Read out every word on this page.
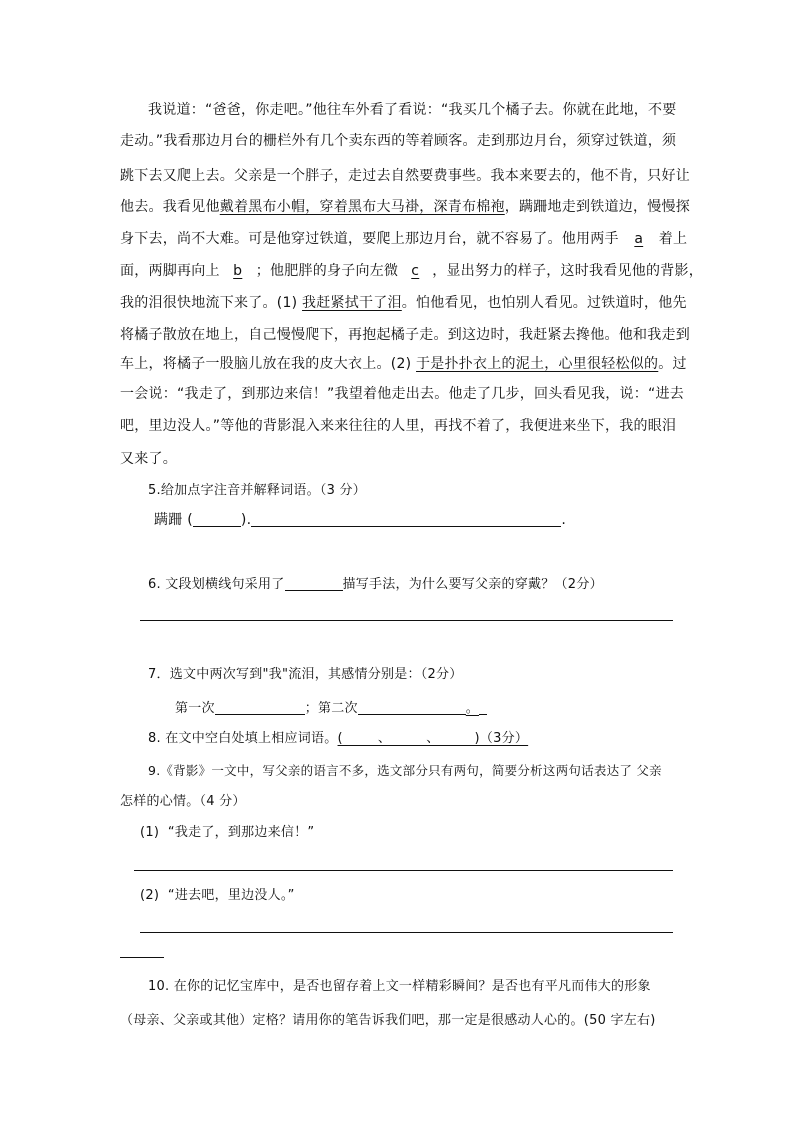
我说道：“爸爸，你走吧。”他往车外看了看说：“我买几个橘子去。你就在此地，不要
走动。”我看那边月台的栅栏外有几个卖东西的等着顾客。走到那边月台，须穿过铁道，须
跳下去又爬上去。父亲是一个胖子，走过去自然要费事些。我本来要去的，他不肯，只好让
他去。我看见他戴着黑布小帽，穿着黑布大马褂，深青布棉袍，蹒跚地走到铁道边，慢慢探
身下去，尚不大难。可是他穿过铁道，要爬上那边月台，就不容易了。他用两手 a 着上
面，两脚再向上 b ；他肥胖的身子向左微 c ，显出努力的样子，这时我看见他的背影，
我的泪很快地流下来了。(1) 我赶紧拭干了泪。怕他看见，也怕别人看见。过铁道时，他先
将橘子散放在地上，自己慢慢爬下，再抱起橘子走。到这边时，我赶紧去搀他。他和我走到
车上，将橘子一股脑儿放在我的皮大衣上。(2) 于是扑扑衣上的泥土，心里很轻松似的。过
一会说：“我走了，到那边来信！”我望着他走出去。他走了几步，回头看见我，说：“进去
吧，里边没人。”等他的背影混入来来往往的人里，再找不着了，我便进来坐下，我的眼泪
又来了。
5.给加点字注音并解释词语。（3 分）
蹒跚 (	).	.
6. 文段划横线句采用了	描写手法，为什么要写父亲的穿戴？（2分）
7．选文中两次写到"我"流泪，其感情分别是：（2分）
第一次	；第二次	。
8. 在文中空白处填上相应词语。(        、        、        )（3分）
9.《背影》一文中，写父亲的语言不多，选文部分只有两句，简要分析这两句话表达了 父亲
怎样的心情。（4 分）
(1)  “我走了，到那边来信！”
(2)  “进去吧，里边没人。”
10. 在你的记忆宝库中，是否也留存着上文一样精彩瞬间？是否也有平凡而伟大的形象
（母亲、父亲或其他）定格？请用你的笔告诉我们吧，那一定是很感动人心的。(50 字左右)
